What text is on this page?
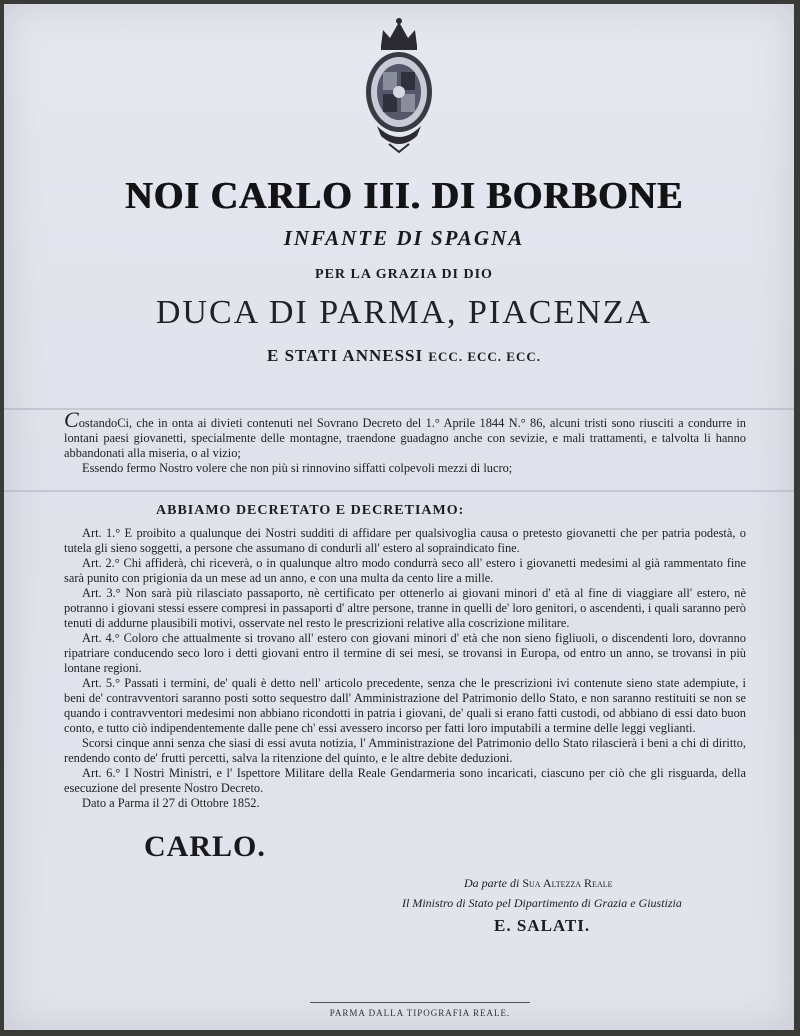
NOI CARLO III. DI BORBONE
INFANTE DI SPAGNA
PER LA GRAZIA DI DIO
DUCA DI PARMA, PIACENZA
E STATI ANNESSI ECC. ECC. ECC.

CostandoCi, che in onta ai divieti contenuti nel Sovrano Decreto del 1.° Aprile 1844 N.° 86, alcuni tristi sono riusciti a condurre in lontani paesi giovanetti, specialmente delle montagne, traendone guadagno anche con sevizie, e mali trattamenti, e talvolta li hanno abbandonati alla miseria, o al vizio;

Essendo fermo Nostro volere che non più si rinnovino siffatti colpevoli mezzi di lucro;

ABBIAMO DECRETATO E DECRETIAMO:

Art. 1.° E proibito a qualunque dei Nostri sudditi di affidare per qualsivoglia causa o pretesto giovanetti che per patria podestà, o tutela gli sieno soggetti, a persone che assumano di condurli all' estero al sopraindicato fine.

Art. 2.° Chi affiderà, chi riceverà, o in qualunque altro modo condurrà seco all' estero i giovanetti medesimi al già rammentato fine sarà punito con prigionia da un mese ad un anno, e con una multa da cento lire a mille.

Art. 3.° Non sarà più rilasciato passaporto, nè certificato per ottenerlo ai giovani minori d' età al fine di viaggiare all' estero, nè potranno i giovani stessi essere compresi in passaporti d' altre persone, tranne in quelli de' loro genitori, o ascendenti, i quali saranno però tenuti di addurne plausibili motivi, osservate nel resto le prescrizioni relative alla coscrizione militare.

Art. 4.° Coloro che attualmente si trovano all' estero con giovani minori d' età che non sieno figliuoli, o discendenti loro, dovranno ripatriare conducendo seco loro i detti giovani entro il termine di sei mesi, se trovansi in Europa, od entro un anno, se trovansi in più lontane regioni.

Art. 5.° Passati i termini, de' quali è detto nell' articolo precedente, senza che le prescrizioni ivi contenute sieno state adempiute, i beni de' contravventori saranno posti sotto sequestro dall' Amministrazione del Patrimonio dello Stato, e non saranno restituiti se non se quando i contravventori medesimi non abbiano ricondotti in patria i giovani, de' quali si erano fatti custodi, od abbiano di essi dato buon conto, e tutto ciò indipendentemente dalle pene ch' essi avessero incorso per fatti loro imputabili a termine delle leggi veglianti.

Scorsi cinque anni senza che siasi di essi avuta notizia, l' Amministrazione del Patrimonio dello Stato rilascierà i beni a chi di diritto, rendendo conto de' frutti percetti, salva la ritenzione del quinto, e le altre debite deduzioni.

Art. 6.° I Nostri Ministri, e l' Ispettore Militare della Reale Gendarmeria sono incaricati, ciascuno per ciò che gli risguarda, della esecuzione del presente Nostro Decreto.

Dato a Parma il 27 di Ottobre 1852.

CARLO.
Da parte di Sua Altezza Reale
Il Ministro di Stato pel Dipartimento di Grazia e Giustizia
E. SALATI.
PARMA DALLA TIPOGRAFIA REALE.
